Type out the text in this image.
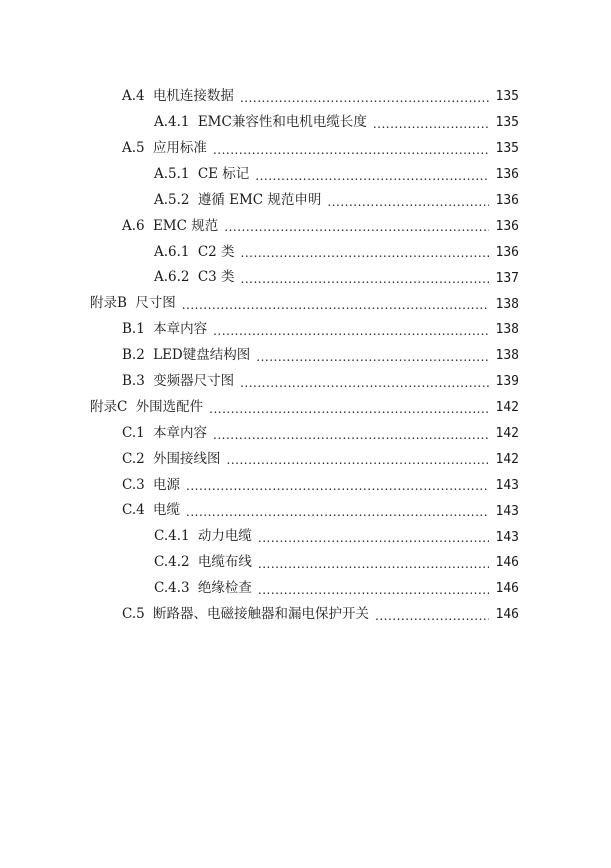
A.4 电机连接数据 .....	135
A.4.1 EMC兼容性和电机电缆长度 .....	135
A.5 应用标准 .....	135
A.5.1 CE 标记 .....	136
A.5.2 遵循 EMC 规范申明 .....	136
A.6 EMC 规范 .....	136
A.6.1 C2 类 .....	136
A.6.2 C3 类 .....	137
附录B 尺寸图 .....	138
B.1 本章内容 .....	138
B.2 LED键盘结构图 .....	138
B.3 变频器尺寸图 .....	139
附录C 外围选配件 .....	142
C.1 本章内容 .....	142
C.2 外围接线图 .....	142
C.3 电源 .....	143
C.4 电缆 .....	143
C.4.1 动力电缆 .....	143
C.4.2 电缆布线 .....	146
C.4.3 绝缘检查 .....	146
C.5 断路器、电磁接触器和漏电保护开关 .....	146
